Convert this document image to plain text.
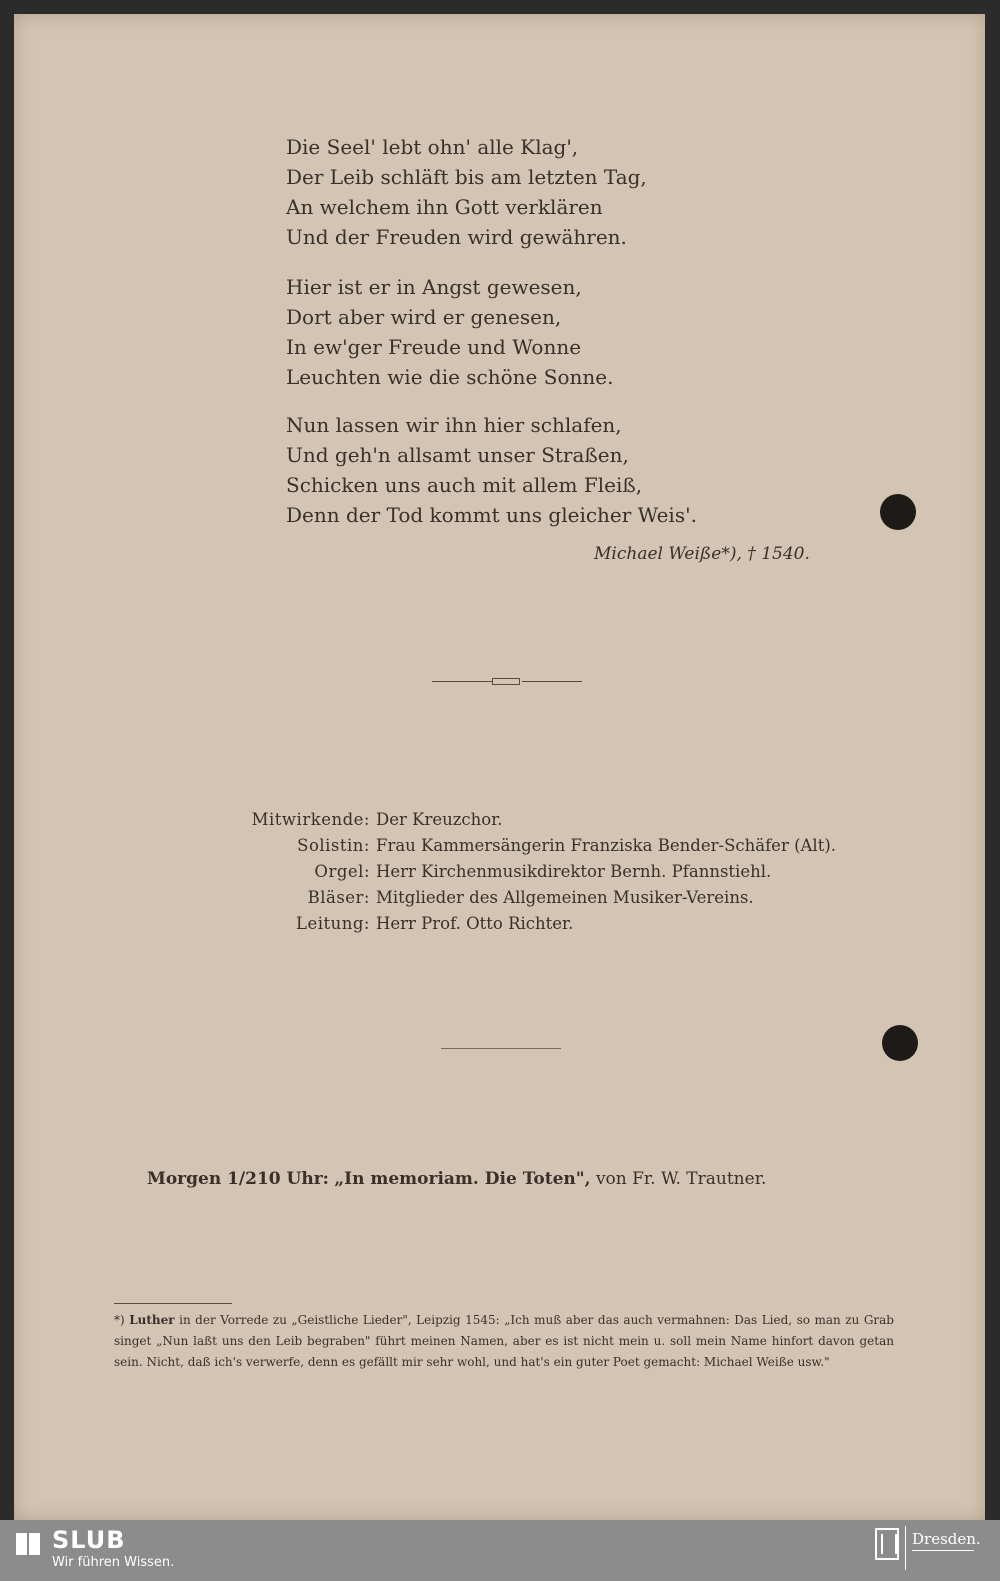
Die Seel' lebt ohn' alle Klag',
Der Leib schläft bis am letzten Tag,
An welchem ihn Gott verklären
Und der Freuden wird gewähren.
Hier ist er in Angst gewesen,
Dort aber wird er genesen,
In ew'ger Freude und Wonne
Leuchten wie die schöne Sonne.
Nun lassen wir ihn hier schlafen,
Und geh'n allsamt unser Straßen,
Schicken uns auch mit allem Fleiß,
Denn der Tod kommt uns gleicher Weis'.
Michael Weiße*), † 1540.
Mitwirkende: Der Kreuzchor.
Solistin: Frau Kammersängerin Franziska Bender-Schäfer (Alt).
Orgel: Herr Kirchenmusikdirektor Bernh. Pfannstiehl.
Bläser: Mitglieder des Allgemeinen Musiker-Vereins.
Leitung: Herr Prof. Otto Richter.
Morgen 1/210 Uhr: „In memoriam. Die Toten", von Fr. W. Trautner.
*) Luther in der Vorrede zu „Geistliche Lieder", Leipzig 1545: „Ich muß aber das auch vermahnen: Das Lied, so man zu Grab singet „Nun laßt uns den Leib begraben" führt meinen Namen, aber es ist nicht mein u. soll mein Name hinfort davon getan sein. Nicht, daß ich's verwerfe, denn es gefällt mir sehr wohl, und hat's ein guter Poet gemacht: Michael Weiße usw."
SLUB
Wir führen Wissen.
Dresden.
